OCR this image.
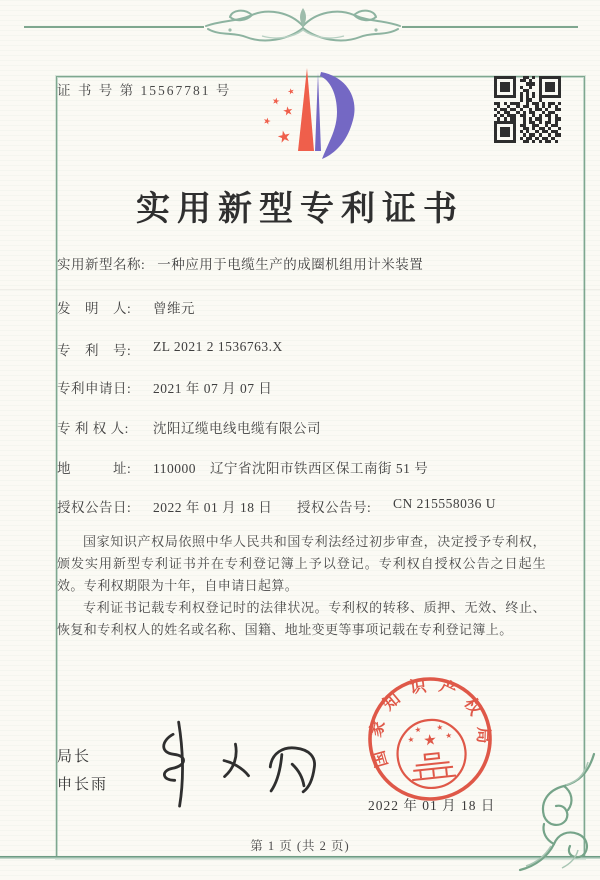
证 书 号 第 15567781 号	★
★
★
★
★
实用新型专利证书
实用新型名称: 一种应用于电缆生产的成圈机组用计米装置
发　明　人:	曾维元
专　利　号:	ZL 2021 2 1536763.X
专利申请日:	2021 年 07 月 07 日
专 利 权 人:	沈阳辽缆电线电缆有限公司
地　　　址:	110000　辽宁省沈阳市铁西区保工南街 51 号
授权公告日:	2022 年 01 月 18 日 授权公告号:	CN 215558036 U

国家知识产权局依照中华人民共和国专利法经过初步审查，决定授予专利权，颁发实用新型专利证书并在专利登记簿上予以登记。专利权自授权公告之日起生效。专利权期限为十年，自申请日起算。

专利证书记载专利权登记时的法律状况。专利权的转移、质押、无效、终止、恢复和专利权人的姓名或名称、国籍、地址变更等事项记载在专利登记簿上。

局长
申长雨
国家知识产权局
★
★
★ ★
★
2022 年 01 月 18 日
第 1 页 (共 2 页)
